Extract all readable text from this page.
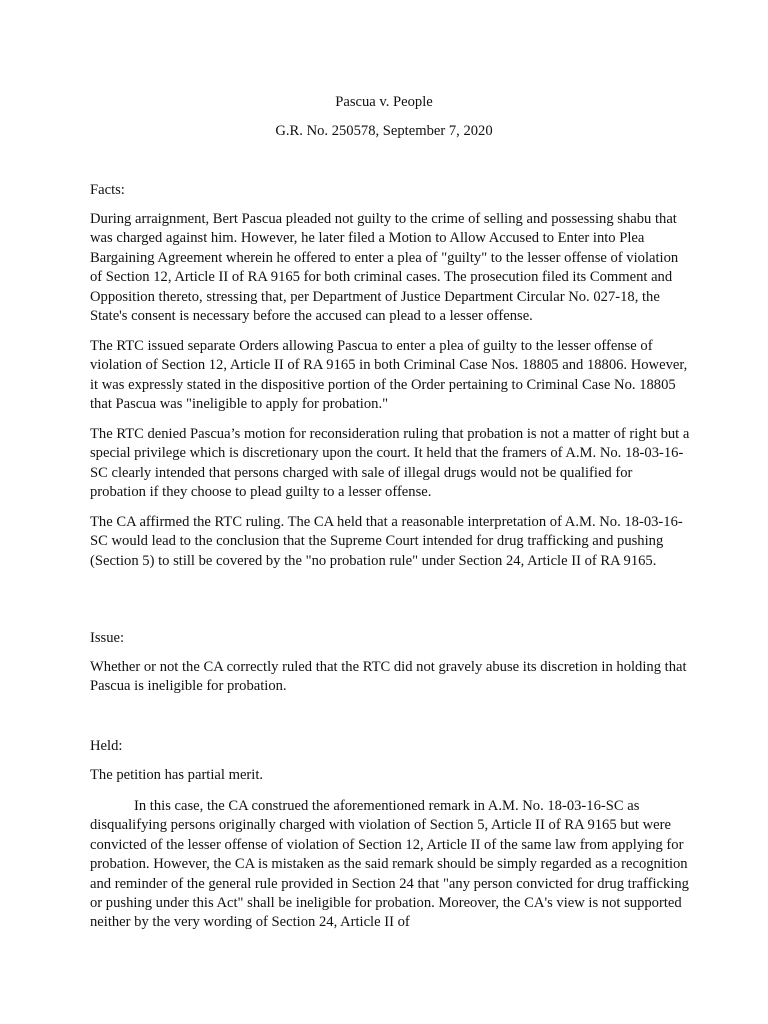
Pascua v. People

G.R. No. 250578, September 7, 2020

Facts:

During arraignment, Bert Pascua pleaded not guilty to the crime of selling and possessing shabu that was charged against him. However, he later filed a Motion to Allow Accused to Enter into Plea Bargaining Agreement wherein he offered to enter a plea of "guilty" to the lesser offense of violation of Section 12, Article II of RA 9165 for both criminal cases. The prosecution filed its Comment and Opposition thereto, stressing that, per Department of Justice Department Circular No. 027-18, the State's consent is necessary before the accused can plead to a lesser offense.

The RTC issued separate Orders allowing Pascua to enter a plea of guilty to the lesser offense of violation of Section 12, Article II of RA 9165 in both Criminal Case Nos. 18805 and 18806. However, it was expressly stated in the dispositive portion of the Order pertaining to Criminal Case No. 18805 that Pascua was "ineligible to apply for probation."

The RTC denied Pascua’s motion for reconsideration ruling that probation is not a matter of right but a special privilege which is discretionary upon the court. It held that the framers of A.M. No. 18-03-16-SC clearly intended that persons charged with sale of illegal drugs would not be qualified for probation if they choose to plead guilty to a lesser offense.

The CA affirmed the RTC ruling. The CA held that a reasonable interpretation of A.M. No. 18-03-16-SC would lead to the conclusion that the Supreme Court intended for drug trafficking and pushing (Section 5) to still be covered by the "no probation rule" under Section 24, Article II of RA 9165.

Issue:

Whether or not the CA correctly ruled that the RTC did not gravely abuse its discretion in holding that Pascua is ineligible for probation.

Held:

The petition has partial merit.

In this case, the CA construed the aforementioned remark in A.M. No. 18-03-16-SC as disqualifying persons originally charged with violation of Section 5, Article II of RA 9165 but were convicted of the lesser offense of violation of Section 12, Article II of the same law from applying for probation. However, the CA is mistaken as the said remark should be simply regarded as a recognition and reminder of the general rule provided in Section 24 that "any person convicted for drug trafficking or pushing under this Act" shall be ineligible for probation. Moreover, the CA's view is not supported neither by the very wording of Section 24, Article II of
